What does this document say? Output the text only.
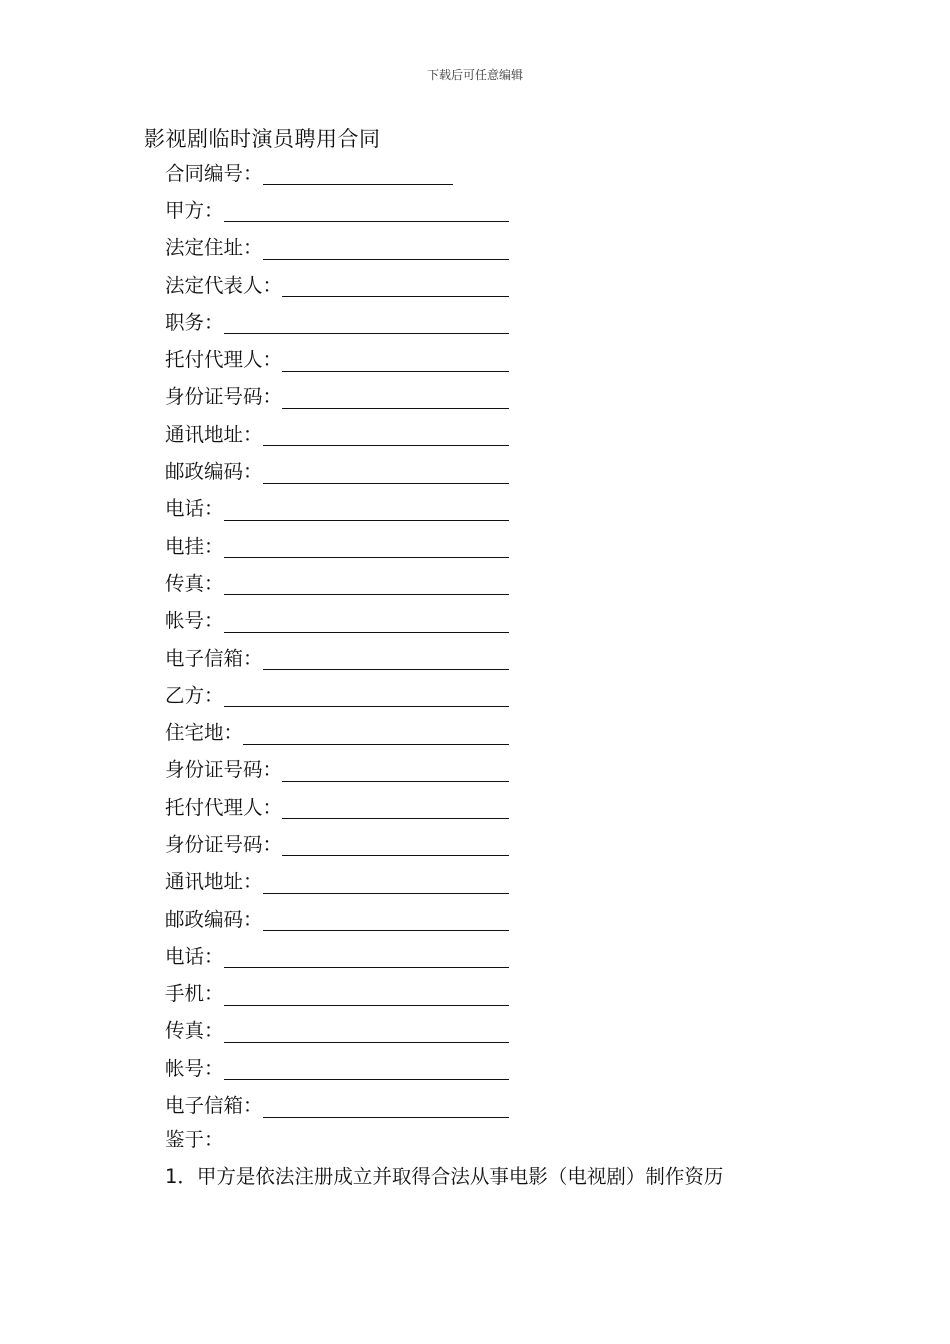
下载后可任意编辑
影视剧临时演员聘用合同
合同编号：
甲方：
法定住址：
法定代表人：
职务：
托付代理人：
身份证号码：
通讯地址：
邮政编码：
电话：
电挂：
传真：
帐号：
电子信箱：
乙方：
住宅地：
身份证号码：
托付代理人：
身份证号码：
通讯地址：
邮政编码：
电话：
手机：
传真：
帐号：
电子信箱：
鉴于：
1．甲方是依法注册成立并取得合法从事电影（电视剧）制作资历
